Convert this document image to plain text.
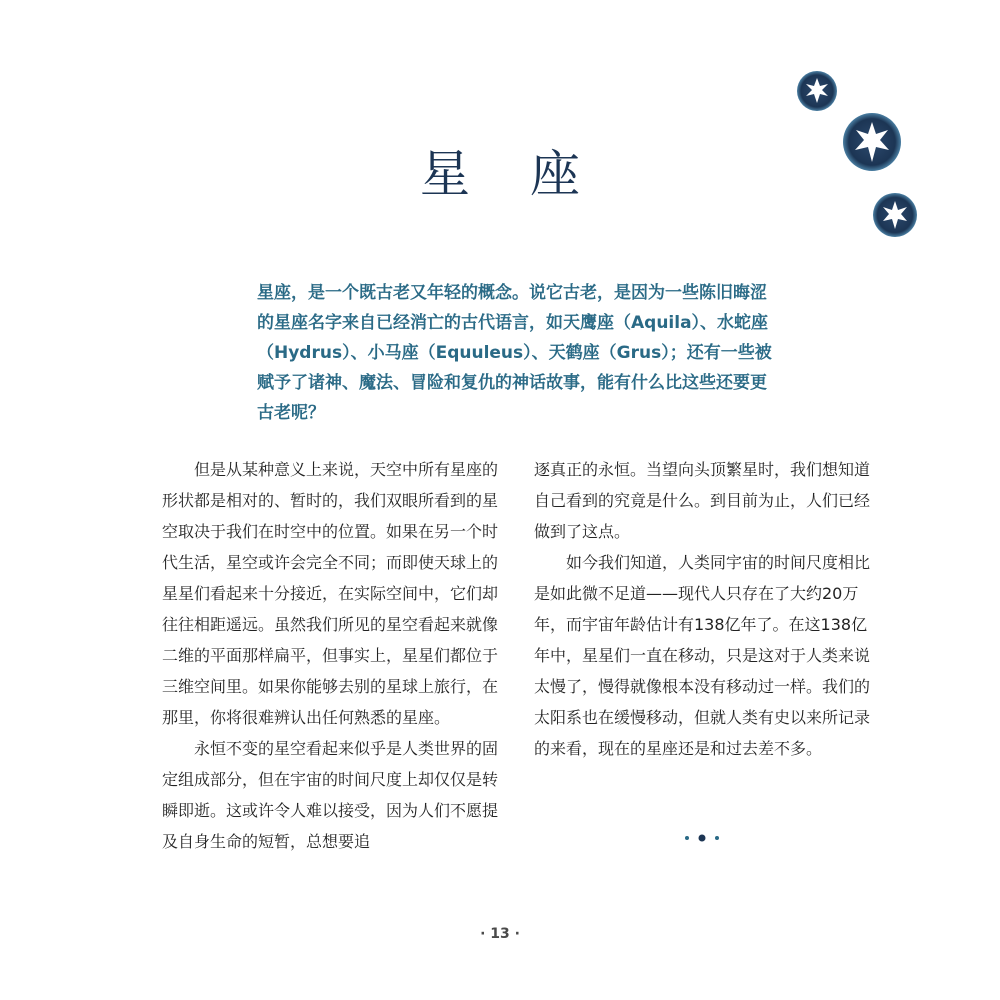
星 座

星座，是一个既古老又年轻的概念。说它古老，是因为一些陈旧晦涩的星座名字来自已经消亡的古代语言，如天鹰座（Aquila）、水蛇座（Hydrus）、小马座（Equuleus）、天鹤座（Grus）；还有一些被赋予了诸神、魔法、冒险和复仇的神话故事，能有什么比这些还要更古老呢？

但是从某种意义上来说，天空中所有星座的形状都是相对的、暂时的，我们双眼所看到的星空取决于我们在时空中的位置。如果在另一个时代生活，星空或许会完全不同；而即使天球上的星星们看起来十分接近，在实际空间中，它们却往往相距遥远。虽然我们所见的星空看起来就像二维的平面那样扁平，但事实上，星星们都位于三维空间里。如果你能够去别的星球上旅行，在那里，你将很难辨认出任何熟悉的星座。

永恒不变的星空看起来似乎是人类世界的固定组成部分，但在宇宙的时间尺度上却仅仅是转瞬即逝。这或许令人难以接受，因为人们不愿提及自身生命的短暂，总想要追

逐真正的永恒。当望向头顶繁星时，我们想知道自己看到的究竟是什么。到目前为止，人们已经做到了这点。

如今我们知道，人类同宇宙的时间尺度相比是如此微不足道——现代人只存在了大约20万年，而宇宙年龄估计有138亿年了。在这138亿年中，星星们一直在移动，只是这对于人类来说太慢了，慢得就像根本没有移动过一样。我们的太阳系也在缓慢移动，但就人类有史以来所记录的来看，现在的星座还是和过去差不多。

· 13 ·
